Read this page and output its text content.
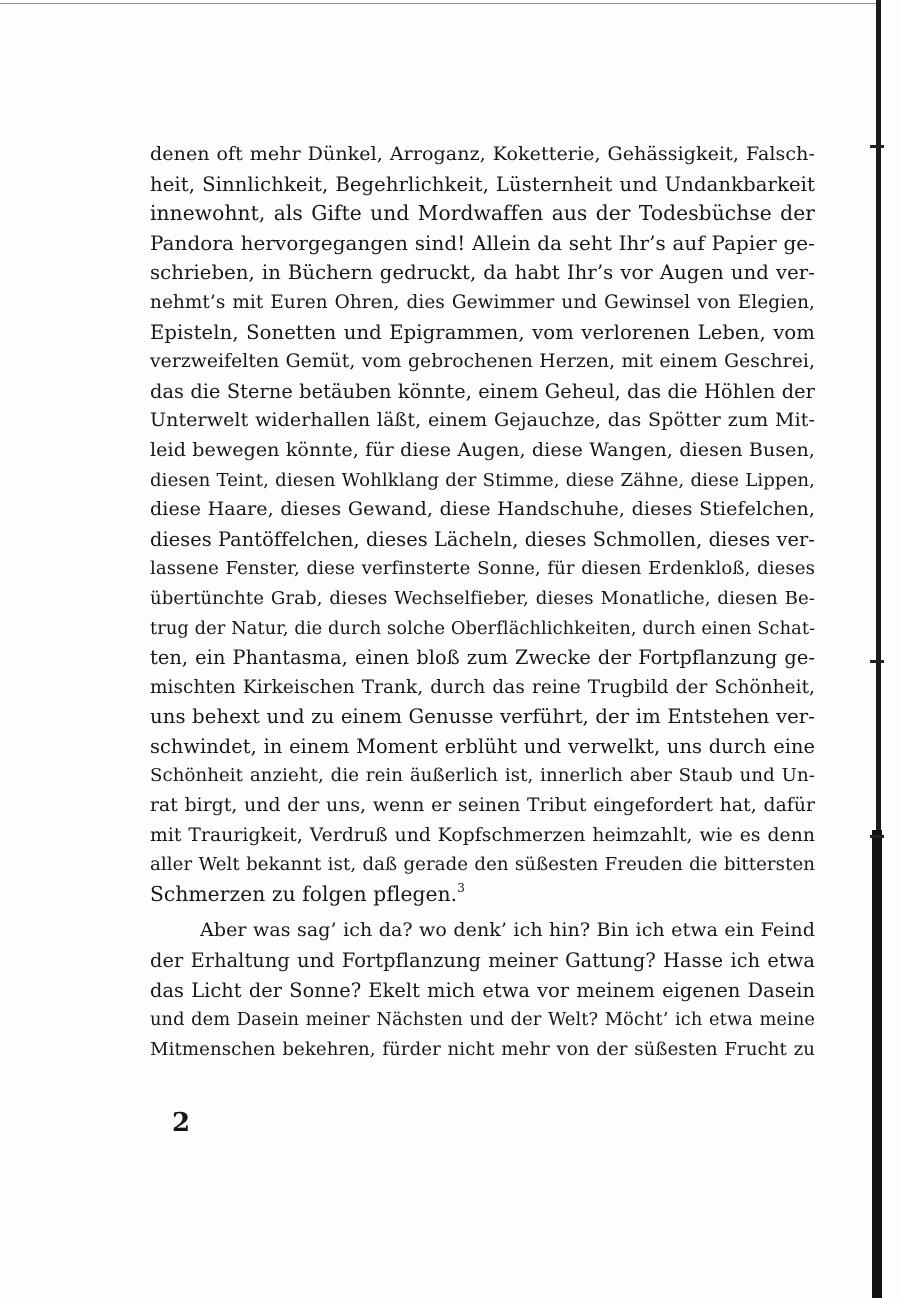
denen oft mehr Dünkel, Arroganz, Koketterie, Gehässigkeit, Falsch-
heit, Sinnlichkeit, Begehrlichkeit, Lüsternheit und Undankbarkeit
innewohnt, als Gifte und Mordwaffen aus der Todesbüchse der
Pandora hervorgegangen sind! Allein da seht Ihr’s auf Papier ge-
schrieben, in Büchern gedruckt, da habt Ihr’s vor Augen und ver-
nehmt’s mit Euren Ohren, dies Gewimmer und Gewinsel von Elegien,
Episteln, Sonetten und Epigrammen, vom verlorenen Leben, vom
verzweifelten Gemüt, vom gebrochenen Herzen, mit einem Geschrei,
das die Sterne betäuben könnte, einem Geheul, das die Höhlen der
Unterwelt widerhallen läßt, einem Gejauchze, das Spötter zum Mit-
leid bewegen könnte, für diese Augen, diese Wangen, diesen Busen,
diesen Teint, diesen Wohlklang der Stimme, diese Zähne, diese Lippen,
diese Haare, dieses Gewand, diese Handschuhe, dieses Stiefelchen,
dieses Pantöffelchen, dieses Lächeln, dieses Schmollen, dieses ver-
lassene Fenster, diese verfinsterte Sonne, für diesen Erdenkloß, dieses
übertünchte Grab, dieses Wechselfieber, dieses Monatliche, diesen Be-
trug der Natur, die durch solche Oberflächlichkeiten, durch einen Schat-
ten, ein Phantasma, einen bloß zum Zwecke der Fortpflanzung ge-
mischten Kirkeischen Trank, durch das reine Trugbild der Schönheit,
uns behext und zu einem Genusse verführt, der im Entstehen ver-
schwindet, in einem Moment erblüht und verwelkt, uns durch eine
Schönheit anzieht, die rein äußerlich ist, innerlich aber Staub und Un-
rat birgt, und der uns, wenn er seinen Tribut eingefordert hat, dafür
mit Traurigkeit, Verdruß und Kopfschmerzen heimzahlt, wie es denn
aller Welt bekannt ist, daß gerade den süßesten Freuden die bittersten
Schmerzen zu folgen pflegen.$^3$
Aber was sag’ ich da? wo denk’ ich hin? Bin ich etwa ein Feind
der Erhaltung und Fortpflanzung meiner Gattung? Hasse ich etwa
das Licht der Sonne? Ekelt mich etwa vor meinem eigenen Dasein
und dem Dasein meiner Nächsten und der Welt? Möcht’ ich etwa meine
Mitmenschen bekehren, fürder nicht mehr von der süßesten Frucht zu
2
